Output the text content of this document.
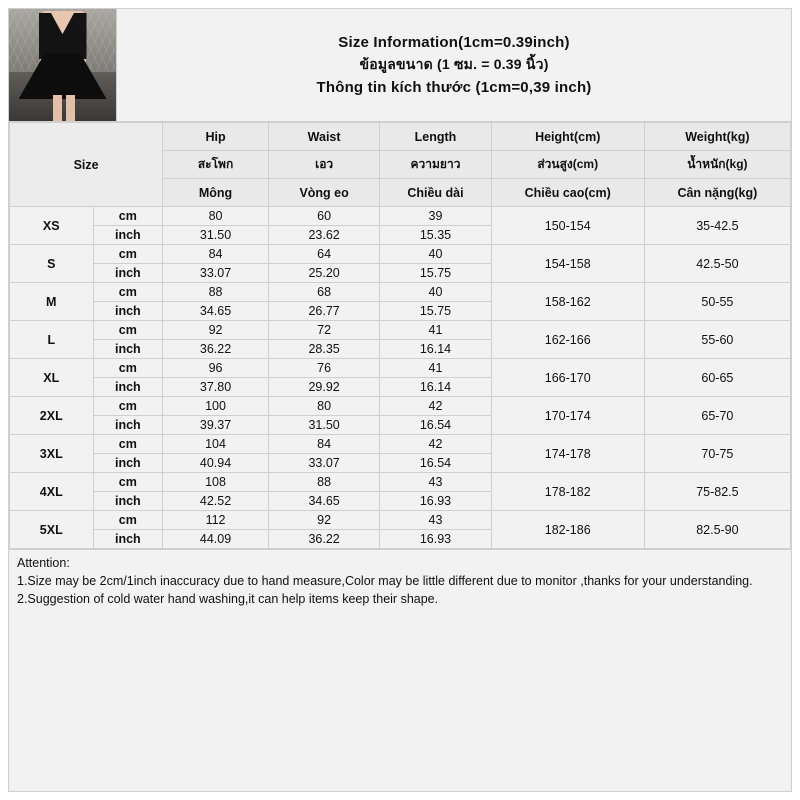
Size Information(1cm=0.39inch)
ข้อมูลขนาด (1 ซม. = 0.39 นิ้ว)
Thông tin kích thước (1cm=0,39 inch)
Size		Hip	Waist	Length	Height(cm)	Weight(kg)
		สะโพก	เอว	ความยาว	ส่วนสูง(cm)	น้ำหนัก(kg)
		Mông	Vòng eo	Chiều dài	Chiều cao(cm)	Cân nặng(kg)
XS	cm	80	60	39	150-154	35-42.5
	inch	31.50	23.62	15.35		
S	cm	84	64	40	154-158	42.5-50
	inch	33.07	25.20	15.75		
M	cm	88	68	40	158-162	50-55
	inch	34.65	26.77	15.75		
L	cm	92	72	41	162-166	55-60
	inch	36.22	28.35	16.14		
XL	cm	96	76	41	166-170	60-65
	inch	37.80	29.92	16.14		
2XL	cm	100	80	42	170-174	65-70
	inch	39.37	31.50	16.54		
3XL	cm	104	84	42	174-178	70-75
	inch	40.94	33.07	16.54		
4XL	cm	108	88	43	178-182	75-82.5
	inch	42.52	34.65	16.93		
5XL	cm	112	92	43	182-186	82.5-90
	inch	44.09	36.22	16.93		

Attention:

1.Size may be 2cm/1inch inaccuracy due to hand measure,Color may be little different due to monitor ,thanks for your understanding.

2.Suggestion of cold water hand washing,it can help items keep their shape.
